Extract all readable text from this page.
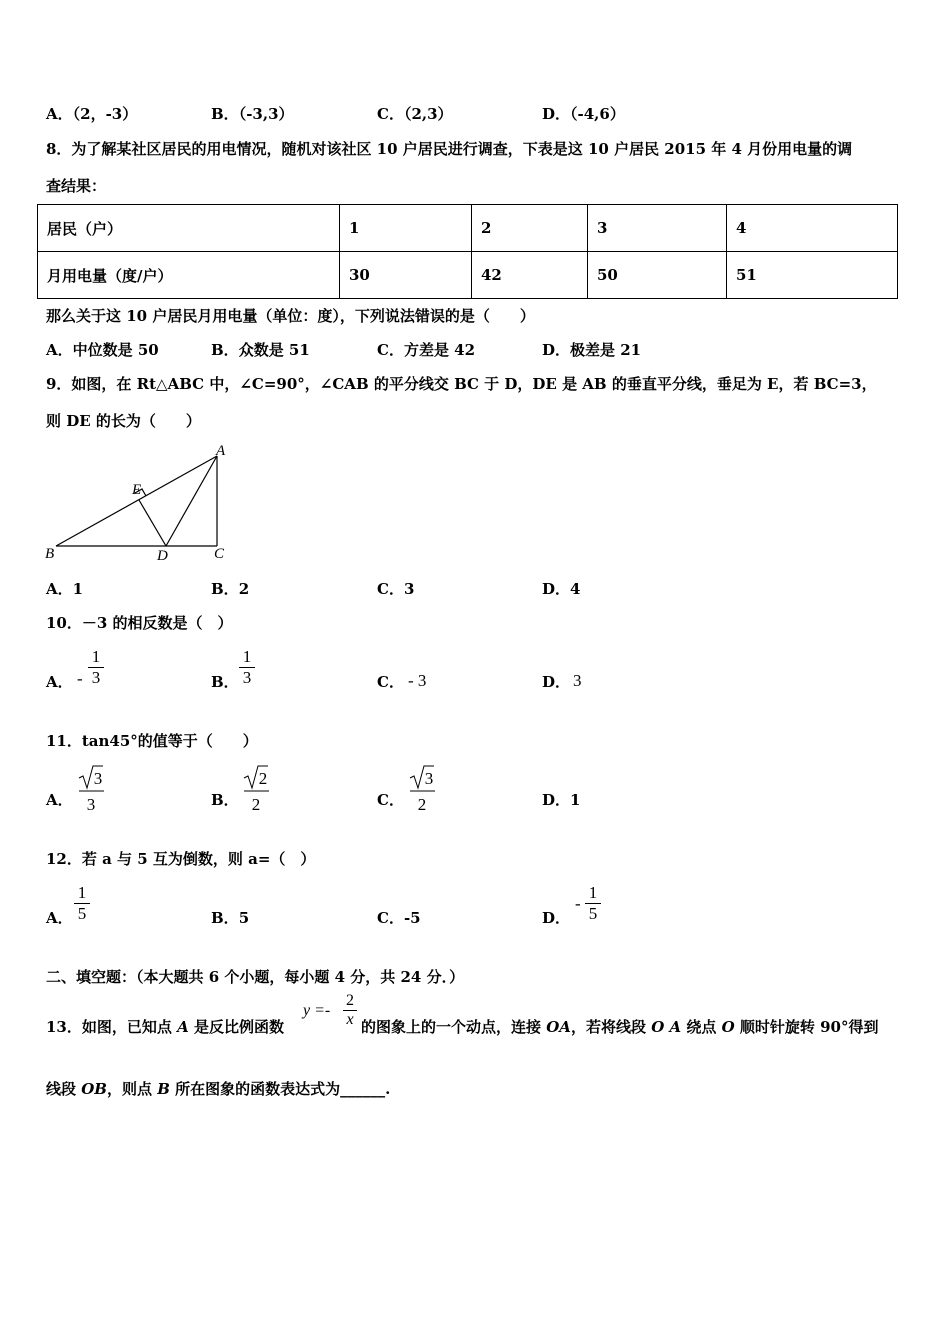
A．（2，-3）	B．（-3,3）	C．（2,3）	D．（-4,6）
8．为了解某社区居民的用电情况，随机对该社区 10 户居民进行调查，下表是这 10 户居民 2015 年 4 月份用电量的调
查结果：
居民（户）	1	2	3	4
月用电量（度/户）	30	42	50	51
那么关于这 10 户居民月用电量（单位：度），下列说法错误的是（　　）
A．中位数是 50	B．众数是 51	C．方差是 42	D．极差是 21
9．如图，在 Rt△ABC 中，∠C=90°，∠CAB 的平分线交 BC 于 D，DE 是 AB 的垂直平分线，垂足为 E，若 BC=3，
则 DE 的长为（　　）
A
E
B	D	C
A．1	B．2	C．3	D．4
10．－3 的相反数是（　）
A． - $\frac{1}{3}$	B． $\frac{1}{3}$	C． - 3	D． 3
11．tan45°的值等于（　　）
A．
3
3	B．
2
2	C．
3
2	D．1
12．若 a 与 5 互为倒数，则 a=（　）
A． $\frac{1}{5}$	B．5	C．-5	D．
- $\frac{1}{5}$
二、填空题：（本大题共 6 个小题，每小题 4 分，共 24 分．）
13．如图，已知点 A 是反比例函数
$y =- \frac{2}{x}$ 的图象上的一个动点，连接 OA，若将线段 O A 绕点 O 顺时针旋转 90°得到
线段 OB，则点 B 所在图象的函数表达式为______.
